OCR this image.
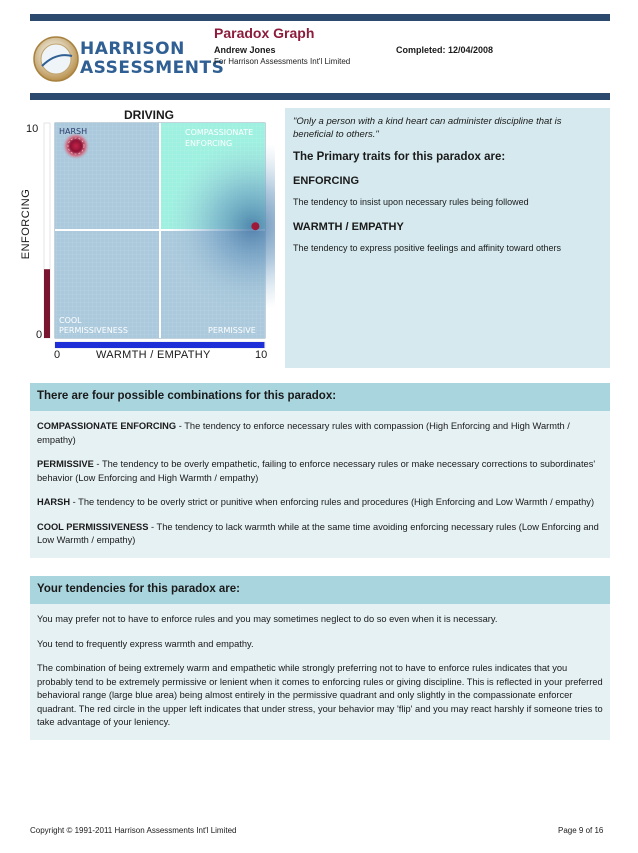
HARRISON
ASSESSMENTS
Paradox Graph
Andrew Jones
For Harrison Assessments Int'l Limited
Completed: 12/04/2008
DRIVING
ENFORCING
10
0
0	10
WARMTH / EMPATHY
HARSH	COMPASSIONATE
ENFORCING
COOL
PERMISSIVENESS	PERMISSIVE
"Only a person with a kind heart can administer discipline that is beneficial to others."
The Primary traits for this paradox are:
ENFORCING
The tendency to insist upon necessary rules being followed
WARMTH / EMPATHY
The tendency to express positive feelings and affinity toward others
There are four possible combinations for this paradox:
COMPASSIONATE ENFORCING - The tendency to enforce necessary rules with compassion (High Enforcing and High Warmth / empathy)
PERMISSIVE - The tendency to be overly empathetic, failing to enforce necessary rules or make necessary corrections to subordinates' behavior (Low Enforcing and High Warmth / empathy)
HARSH - The tendency to be overly strict or punitive when enforcing rules and procedures (High Enforcing and Low Warmth / empathy)
COOL PERMISSIVENESS - The tendency to lack warmth while at the same time avoiding enforcing necessary rules (Low Enforcing and Low Warmth / empathy)
Your tendencies for this paradox are:
You may prefer not to have to enforce rules and you may sometimes neglect to do so even when it is necessary.
You tend to frequently express warmth and empathy.
The combination of being extremely warm and empathetic while strongly preferring not to have to enforce rules indicates that you probably tend to be extremely permissive or lenient when it comes to enforcing rules or giving discipline. This is reflected in your preferred behavioral range (large blue area) being almost entirely in the permissive quadrant and only slightly in the compassionate enforcer quadrant. The red circle in the upper left indicates that under stress, your behavior may 'flip' and you may react harshly if someone tries to take advantage of your leniency.
Copyright © 1991-2011 Harrison Assessments Int'l Limited	Page 9 of 16
